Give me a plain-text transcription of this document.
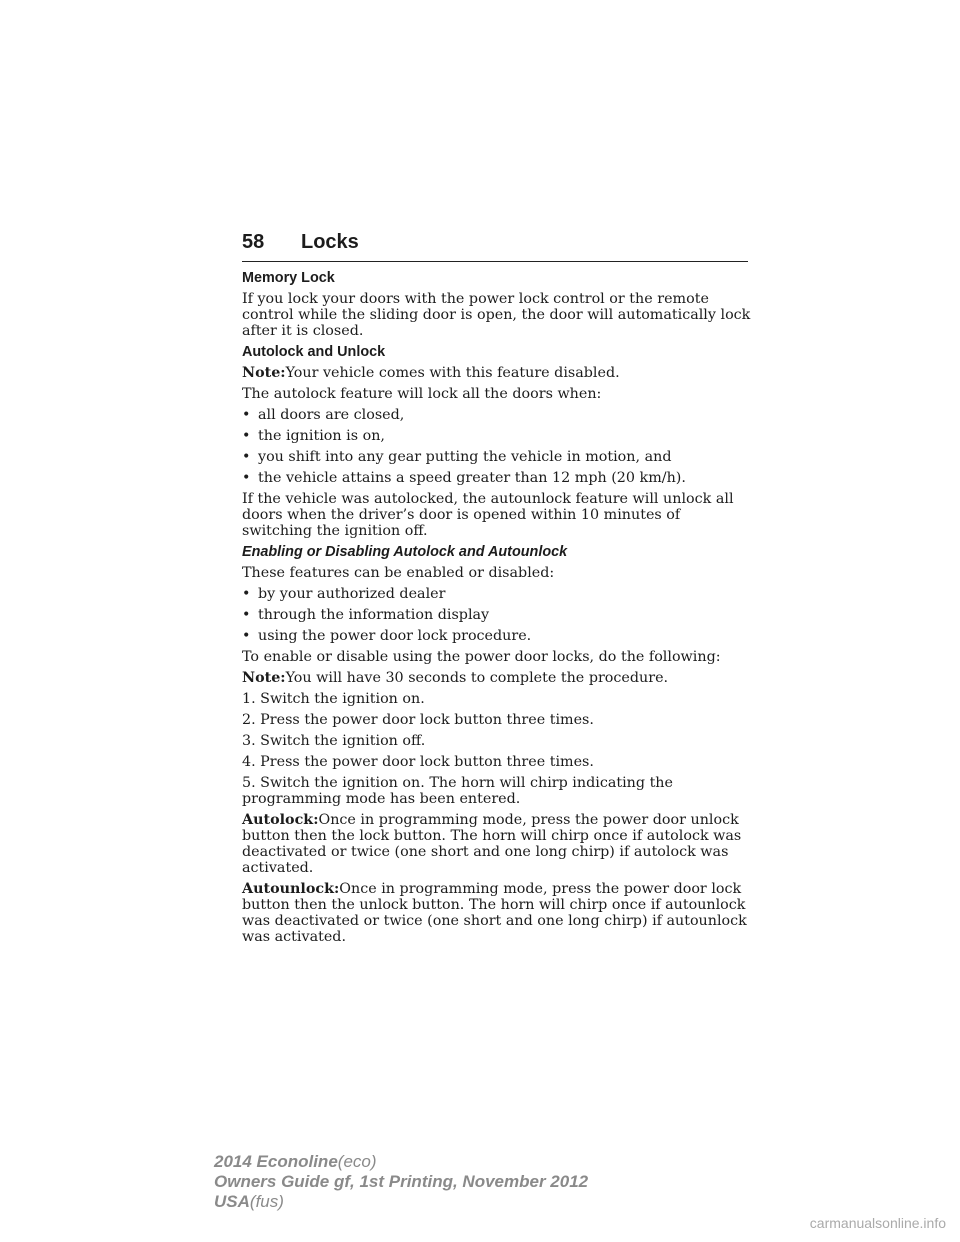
58 Locks
Memory Lock

If you lock your doors with the power lock control or the remote control while the sliding door is open, the door will automatically lock after it is closed.

Autolock and Unlock

Note:Your vehicle comes with this feature disabled.

The autolock feature will lock all the doors when:

• all doors are closed,
• the ignition is on,
• you shift into any gear putting the vehicle in motion, and
• the vehicle attains a speed greater than 12 mph (20 km/h).

If the vehicle was autolocked, the autounlock feature will unlock all doors when the driver’s door is opened within 10 minutes of switching the ignition off.

Enabling or Disabling Autolock and Autounlock

These features can be enabled or disabled:

• by your authorized dealer
• through the information display
• using the power door lock procedure.

To enable or disable using the power door locks, do the following:

Note:You will have 30 seconds to complete the procedure.

1. Switch the ignition on.

2. Press the power door lock button three times.

3. Switch the ignition off.

4. Press the power door lock button three times.

5. Switch the ignition on. The horn will chirp indicating the programming mode has been entered.

Autolock:Once in programming mode, press the power door unlock button then the lock button. The horn will chirp once if autolock was deactivated or twice (one short and one long chirp) if autolock was activated.

Autounlock:Once in programming mode, press the power door lock button then the unlock button. The horn will chirp once if autounlock was deactivated or twice (one short and one long chirp) if autounlock was activated.

2014 Econoline(eco)
Owners Guide gf, 1st Printing, November 2012
USA(fus)
carmanualsonline.info
